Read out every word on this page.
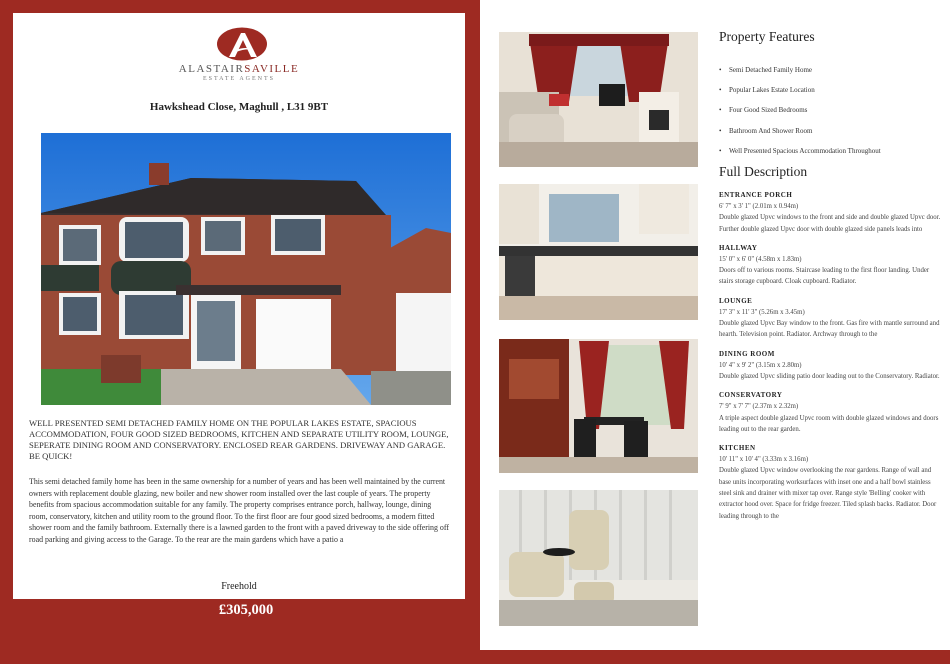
ALASTAIRSAVILLE
ESTATE AGENTS
Hawkshead Close, Maghull , L31 9BT
WELL PRESENTED SEMI DETACHED FAMILY HOME ON THE POPULAR LAKES ESTATE, SPACIOUS ACCOMMODATION, FOUR GOOD SIZED BEDROOMS, KITCHEN AND SEPARATE UTILITY ROOM, LOUNGE, SEPERATE DINING ROOM AND CONSERVATORY. ENCLOSED REAR GARDENS. DRIVEWAY AND GARAGE. BE QUICK!
This semi detached family home has been in the same ownership for a number of years and has been well maintained by the current owners with replacement double glazing, new boiler and new shower room installed over the last couple of years. The property benefits from spacious accommodation suitable for any family. The property comprises entrance porch, hallway, lounge, dining room, conservatory, kitchen and utility room to the ground floor. To the first floor are four good sized bedrooms, a modern fitted shower room and the family bathroom. Externally there is a lawned garden to the front with a paved driveway to the side offering off road parking and giving access to the Garage. To the rear are the main gardens which have a patio a
Freehold
£305,000
Property Features
• Semi Detached Family Home
• Popular Lakes Estate Location
• Four Good Sized Bedrooms
• Bathroom And Shower Room
• Well Presented Spacious Accommodation Throughout
Full Description
ENTRANCE PORCH
6' 7" x 3' 1" (2.01m x 0.94m)
Double glazed Upvc windows to the front and side and double glazed Upvc door. Further double glazed Upvc door with double glazed side panels leads into
HALLWAY
15' 0" x 6' 0" (4.58m x 1.83m)
Doors off to various rooms. Staircase leading to the first floor landing. Under stairs storage cupboard. Cloak cupboard. Radiator.
LOUNGE
17' 3" x 11' 3" (5.26m x 3.45m)
Double glazed Upvc Bay window to the front. Gas fire with mantle surround and hearth. Television point. Radiator. Archway through to the
DINING ROOM
10' 4" x 9' 2" (3.15m x 2.80m)
Double glazed Upvc sliding patio door leading out to the Conservatory. Radiator.
CONSERVATORY
7' 9" x 7' 7" (2.37m x 2.32m)
A triple aspect double glazed Upvc room with double glazed windows and doors leading out to the rear garden.
KITCHEN
10' 11" x 10' 4" (3.33m x 3.16m)
Double glazed Upvc window overlooking the rear gardens. Range of wall and base units incorporating worksurfaces with inset one and a half bowl stainless steel sink and drainer with mixer tap over. Range style 'Belling' cooker with extractor hood over. Space for fridge freezer. Tiled splash backs. Radiator. Door leading through to the
